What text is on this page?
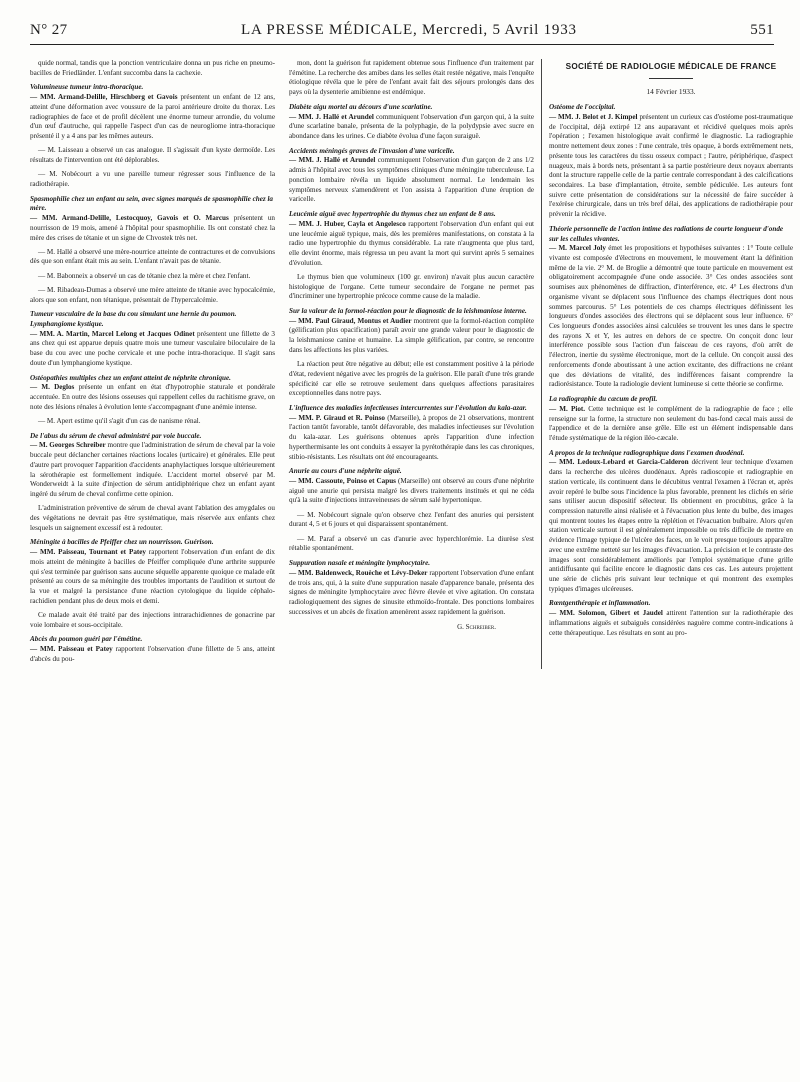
N° 27	LA PRESSE MÉDICALE, Mercredi, 5 Avril 1933	551

quide normal, tandis que la ponction ventriculaire donna un pus riche en pneumo-bacilles de Friedländer. L'enfant succomba dans la cachexie.

Volumineuse tumeur intra-thoracique.
— MM. Armand-Delille, Hirschberg et Gavois présentent un enfant de 12 ans, atteint d'une déformation avec voussure de la paroi antérieure droite du thorax. Les radiographies de face et de profil décèlent une énorme tumeur arrondie, du volume d'un œuf d'autruche, qui rappelle l'aspect d'un cas de neurogliome intra-thoracique présenté il y a 4 ans par les mêmes auteurs.

— M. Laisseau a observé un cas analogue. Il s'agissait d'un kyste dermoïde. Les résultats de l'intervention ont été déplorables.

— M. Nobécourt a vu une pareille tumeur régresser sous l'influence de la radiothérapie.

Spasmophilie chez un enfant au sein, avec signes marqués de spasmophilie chez la mère.
— MM. Armand-Delille, Lestocquoy, Gavois et O. Marcus présentent un nourrisson de 19 mois, amené à l'hôpital pour spasmophilie. Ils ont constaté chez la mère des crises de tétanie et un signe de Chvostek très net.

— M. Hallé a observé une mère-nourrice atteinte de contractures et de convulsions dès que son enfant était mis au sein. L'enfant n'avait pas de tétanie.

— M. Babonneix a observé un cas de tétanie chez la mère et chez l'enfant.

— M. Ribadeau-Dumas a observé une mère atteinte de tétanie avec hypocalcémie, alors que son enfant, non tétanique, présentait de l'hypercalcémie.

Tumeur vasculaire de la base du cou simulant une hernie du poumon. Lymphangiome kystique.
— MM. A. Martin, Marcel Lelong et Jacques Odinet présentent une fillette de 3 ans chez qui est apparue depuis quatre mois une tumeur vasculaire biloculaire de la base du cou avec une poche cervicale et une poche intra-thoracique. Il s'agit sans doute d'un lymphangiome kystique.

Ostéopathies multiples chez un enfant atteint de néphrite chronique.
— M. Deglos présente un enfant en état d'hypotrophie staturale et pondérale accentuée. En outre des lésions osseuses qui rappellent celles du rachitisme grave, on note des lésions rénales à évolution lente s'accompagnant d'une anémie intense.

— M. Apert estime qu'il s'agit d'un cas de nanisme rénal.

De l'abus du sérum de cheval administré par voie buccale.
— M. Georges Schreiber montre que l'administration de sérum de cheval par la voie buccale peut déclancher certaines réactions locales (urticaire) et générales. Elle peut d'autre part provoquer l'apparition d'accidents anaphylactiques lorsque ultérieurement la sérothérapie est formellement indiquée. L'accident mortel observé par M. Wonderweidt à la suite d'injection de sérum antidiphtérique chez un enfant ayant ingéré du sérum de cheval confirme cette opinion.

L'administration préventive de sérum de cheval avant l'ablation des amygdales ou des végétations ne devrait pas être systématique, mais réservée aux enfants chez lesquels un saignement excessif est à redouter.

Méningite à bacilles de Pfeiffer chez un nourrisson. Guérison.
— MM. Paisseau, Tournant et Patey rapportent l'observation d'un enfant de dix mois atteint de méningite à bacilles de Pfeiffer compliquée d'une arthrite suppurée qui s'est terminée par guérison sans aucune séquelle apparente quoique ce malade eût présenté au cours de sa méningite des troubles importants de l'audition et surtout de la vue et malgré la persistance d'une réaction cytologique du liquide céphalo-rachidien pendant plus de deux mois et demi.

Ce malade avait été traité par des injections intrarachidiennes de gonacrine par voie lombaire et sous-occipitale.

Abcès du poumon guéri par l'émétine.
— MM. Paisseau et Patey rapportent l'observation d'une fillette de 5 ans, atteint d'abcès du pou-

mon, dont la guérison fut rapidement obtenue sous l'influence d'un traitement par l'émétine. La recherche des amibes dans les selles était restée négative, mais l'enquête étiologique révéla que le père de l'enfant avait fait des séjours prolongés dans des pays où la dysenterie amibienne est endémique.

Diabète aigu mortel au décours d'une scarlatine.
— MM. J. Hallé et Arundel communiquent l'observation d'un garçon qui, à la suite d'une scarlatine banale, présenta de la polyphagie, de la polydypsie avec sucre en abondance dans les urines. Ce diabète évolua d'une façon suraiguë.

Accidents méningés graves de l'invasion d'une varicelle.
— MM. J. Hallé et Arundel communiquent l'observation d'un garçon de 2 ans 1/2 admis à l'hôpital avec tous les symptômes cliniques d'une méningite tuberculeuse. La ponction lombaire révéla un liquide absolument normal. Le lendemain les symptômes nerveux s'amendèrent et l'on assista à l'apparition d'une éruption de varicelle.

Leucémie aiguë avec hypertrophie du thymus chez un enfant de 8 ans.
— MM. J. Huber, Cayla et Angelesco rapportent l'observation d'un enfant qui eut une leucémie aiguë typique, mais, dès les premières manifestations, on constata à la radio une hypertrophie du thymus considérable. La rate n'augmenta que plus tard, elle devint énorme, mais régressa un peu avant la mort qui survint après 5 semaines d'évolution.

Le thymus bien que volumineux (100 gr. environ) n'avait plus aucun caractère histologique de l'organe. Cette tumeur secondaire de l'organe ne permet pas d'incriminer une hypertrophie précoce comme cause de la maladie.

Sur la valeur de la formol-réaction pour le diagnostic de la leishmaniose interne.
— MM. Paul Giraud, Montus et Audier montrent que la formol-réaction complète (gélification plus opacification) paraît avoir une grande valeur pour le diagnostic de la leishmaniose canine et humaine. La simple gélification, par contre, se rencontre dans les affections les plus variées.

La réaction peut être négative au début; elle est constamment positive à la période d'état, redevient négative avec les progrès de la guérison. Elle paraît d'une très grande spécificité car elle se retrouve seulement dans quelques affections parasitaires exceptionnelles dans notre pays.

L'influence des maladies infectieuses intercurrentes sur l'évolution du kala-azar.
— MM. P. Giraud et R. Poinso (Marseille), à propos de 21 observations, montrent l'action tantôt favorable, tantôt défavorable, des maladies infectieuses sur l'évolution du kala-azar. Les guérisons obtenues après l'apparition d'une infection hyperthermisante les ont conduits à essayer la pyrétothérapie dans les cas chroniques, stibio-résistants. Les résultats ont été encourageants.

Anurie au cours d'une néphrite aiguë.
— MM. Cassoute, Poinso et Capus (Marseille) ont observé au cours d'une néphrite aiguë une anurie qui persista malgré les divers traitements institués et qui ne céda qu'à la suite d'injections intraveineuses de sérum salé hypertonique.

— M. Nobécourt signale qu'on observe chez l'enfant des anuries qui persistent durant 4, 5 et 6 jours et qui disparaissent spontanément.

— M. Paraf a observé un cas d'anurie avec hyperchlorémie. La diurèse s'est rétablie spontanément.

Suppuration nasale et méningite lymphocytaire.
— MM. Baldenweck, Rouèche et Lévy-Deker rapportent l'observation d'une enfant de trois ans, qui, à la suite d'une suppuration nasale d'apparence banale, présenta des signes de méningite lymphocytaire avec fièvre élevée et vive agitation. On constata radiologiquement des signes de sinusite ethmoïdo-frontale. Des ponctions lombaires successives et un abcès de fixation amenèrent assez rapidement la guérison.

G. Schreiber.
SOCIÉTÉ DE RADIOLOGIE MÉDICALE DE FRANCE
14 Février 1933.

Ostéome de l'occipital.
— MM. J. Belot et J. Kimpel présentent un curieux cas d'ostéome post-traumatique de l'occipital, déjà extirpé 12 ans auparavant et récidivé quelques mois après l'opération ; l'examen histologique avait confirmé le diagnostic. La radiographie montre nettement deux zones : l'une centrale, très opaque, à bords extrêmement nets, présente tous les caractères du tissu osseux compact ; l'autre, périphérique, d'aspect nuageux, mais à bords nets, présentant à sa partie postérieure deux noyaux aberrants dont la structure rappelle celle de la partie centrale correspondant à des calcifications secondaires. La base d'implantation, étroite, semble pédiculée. Les auteurs font suivre cette présentation de considérations sur la nécessité de faire succéder à l'exérèse chirurgicale, dans un très bref délai, des applications de radiothérapie pour prévenir la récidive.

Théorie personnelle de l'action intime des radiations de courte longueur d'onde sur les cellules vivantes.
— M. Marcel Joly émet les propositions et hypothèses suivantes : 1° Toute cellule vivante est composée d'électrons en mouvement, le mouvement étant la définition même de la vie. 2° M. de Broglie a démontré que toute particule en mouvement est obligatoirement accompagnée d'une onde associée. 3° Ces ondes associées sont soumises aux phénomènes de diffraction, d'interférence, etc. 4° Les électrons d'un organisme vivant se déplacent sous l'influence des champs électriques dont nous sommes parcourus. 5° Les potentiels de ces champs électriques définissent les longueurs d'ondes associées des électrons qui se déplacent sous leur influence. 6° Ces longueurs d'ondes associées ainsi calculées se trouvent les unes dans le spectre des rayons X et Y, les autres en dehors de ce spectre. On conçoit donc leur interférence possible sous l'action d'un faisceau de ces rayons, d'où arrêt de l'électron, inertie du système électronique, mort de la cellule. On conçoit aussi des renforcements d'onde aboutissant à une action excitante, des diffractions ne créant que des déviations de vitalité, des indifférences faisant comprendre la radiorésistance. Toute la radiologie devient lumineuse si cette théorie se confirme.

La radiographie du cæcum de profil.
— M. Piot. Cette technique est le complément de la radiographie de face ; elle renseigne sur la forme, la structure non seulement du bas-fond cæcal mais aussi de l'appendice et de la dernière anse grêle. Elle est un élément indispensable dans l'étude systématique de la région iléo-cæcale.

A propos de la technique radiographique dans l'examen duodénal.
— MM. Ledoux-Lebard et Garcia-Calderon décrivent leur technique d'examen dans la recherche des ulcères duodénaux. Après radioscopie et radiographie en station verticale, ils continuent dans le décubitus ventral l'examen à l'écran et, après avoir repéré le bulbe sous l'incidence la plus favorable, prennent les clichés en série sans utiliser aucun dispositif sélecteur. Ils obtiennent en procubitus, grâce à la compression naturelle ainsi réalisée et à l'évacuation plus lente du bulbe, des images qui montrent toutes les étapes entre la réplétion et l'évacuation bulbaire. Alors qu'en station verticale surtout il est généralement impossible ou très difficile de mettre en évidence l'image typique de l'ulcère des faces, on le voit presque toujours apparaître avec une extrême netteté sur les images d'évacuation. La précision et le contraste des images sont considérablement améliorés par l'emploi systématique d'une grille antidiffusante qui facilite encore le diagnostic dans ces cas. Les auteurs projettent une série de clichés pris suivant leur technique et qui montrent des exemples typiques d'images ulcéreuses.

Rœntgenthérapie et inflammation.
— MM. Solomon, Gibert et Jaudel attirent l'attention sur la radiothérapie des inflammations aiguës et subaiguës considérées naguère comme contre-indications à cette thérapeutique. Les résultats en sont au pro-
